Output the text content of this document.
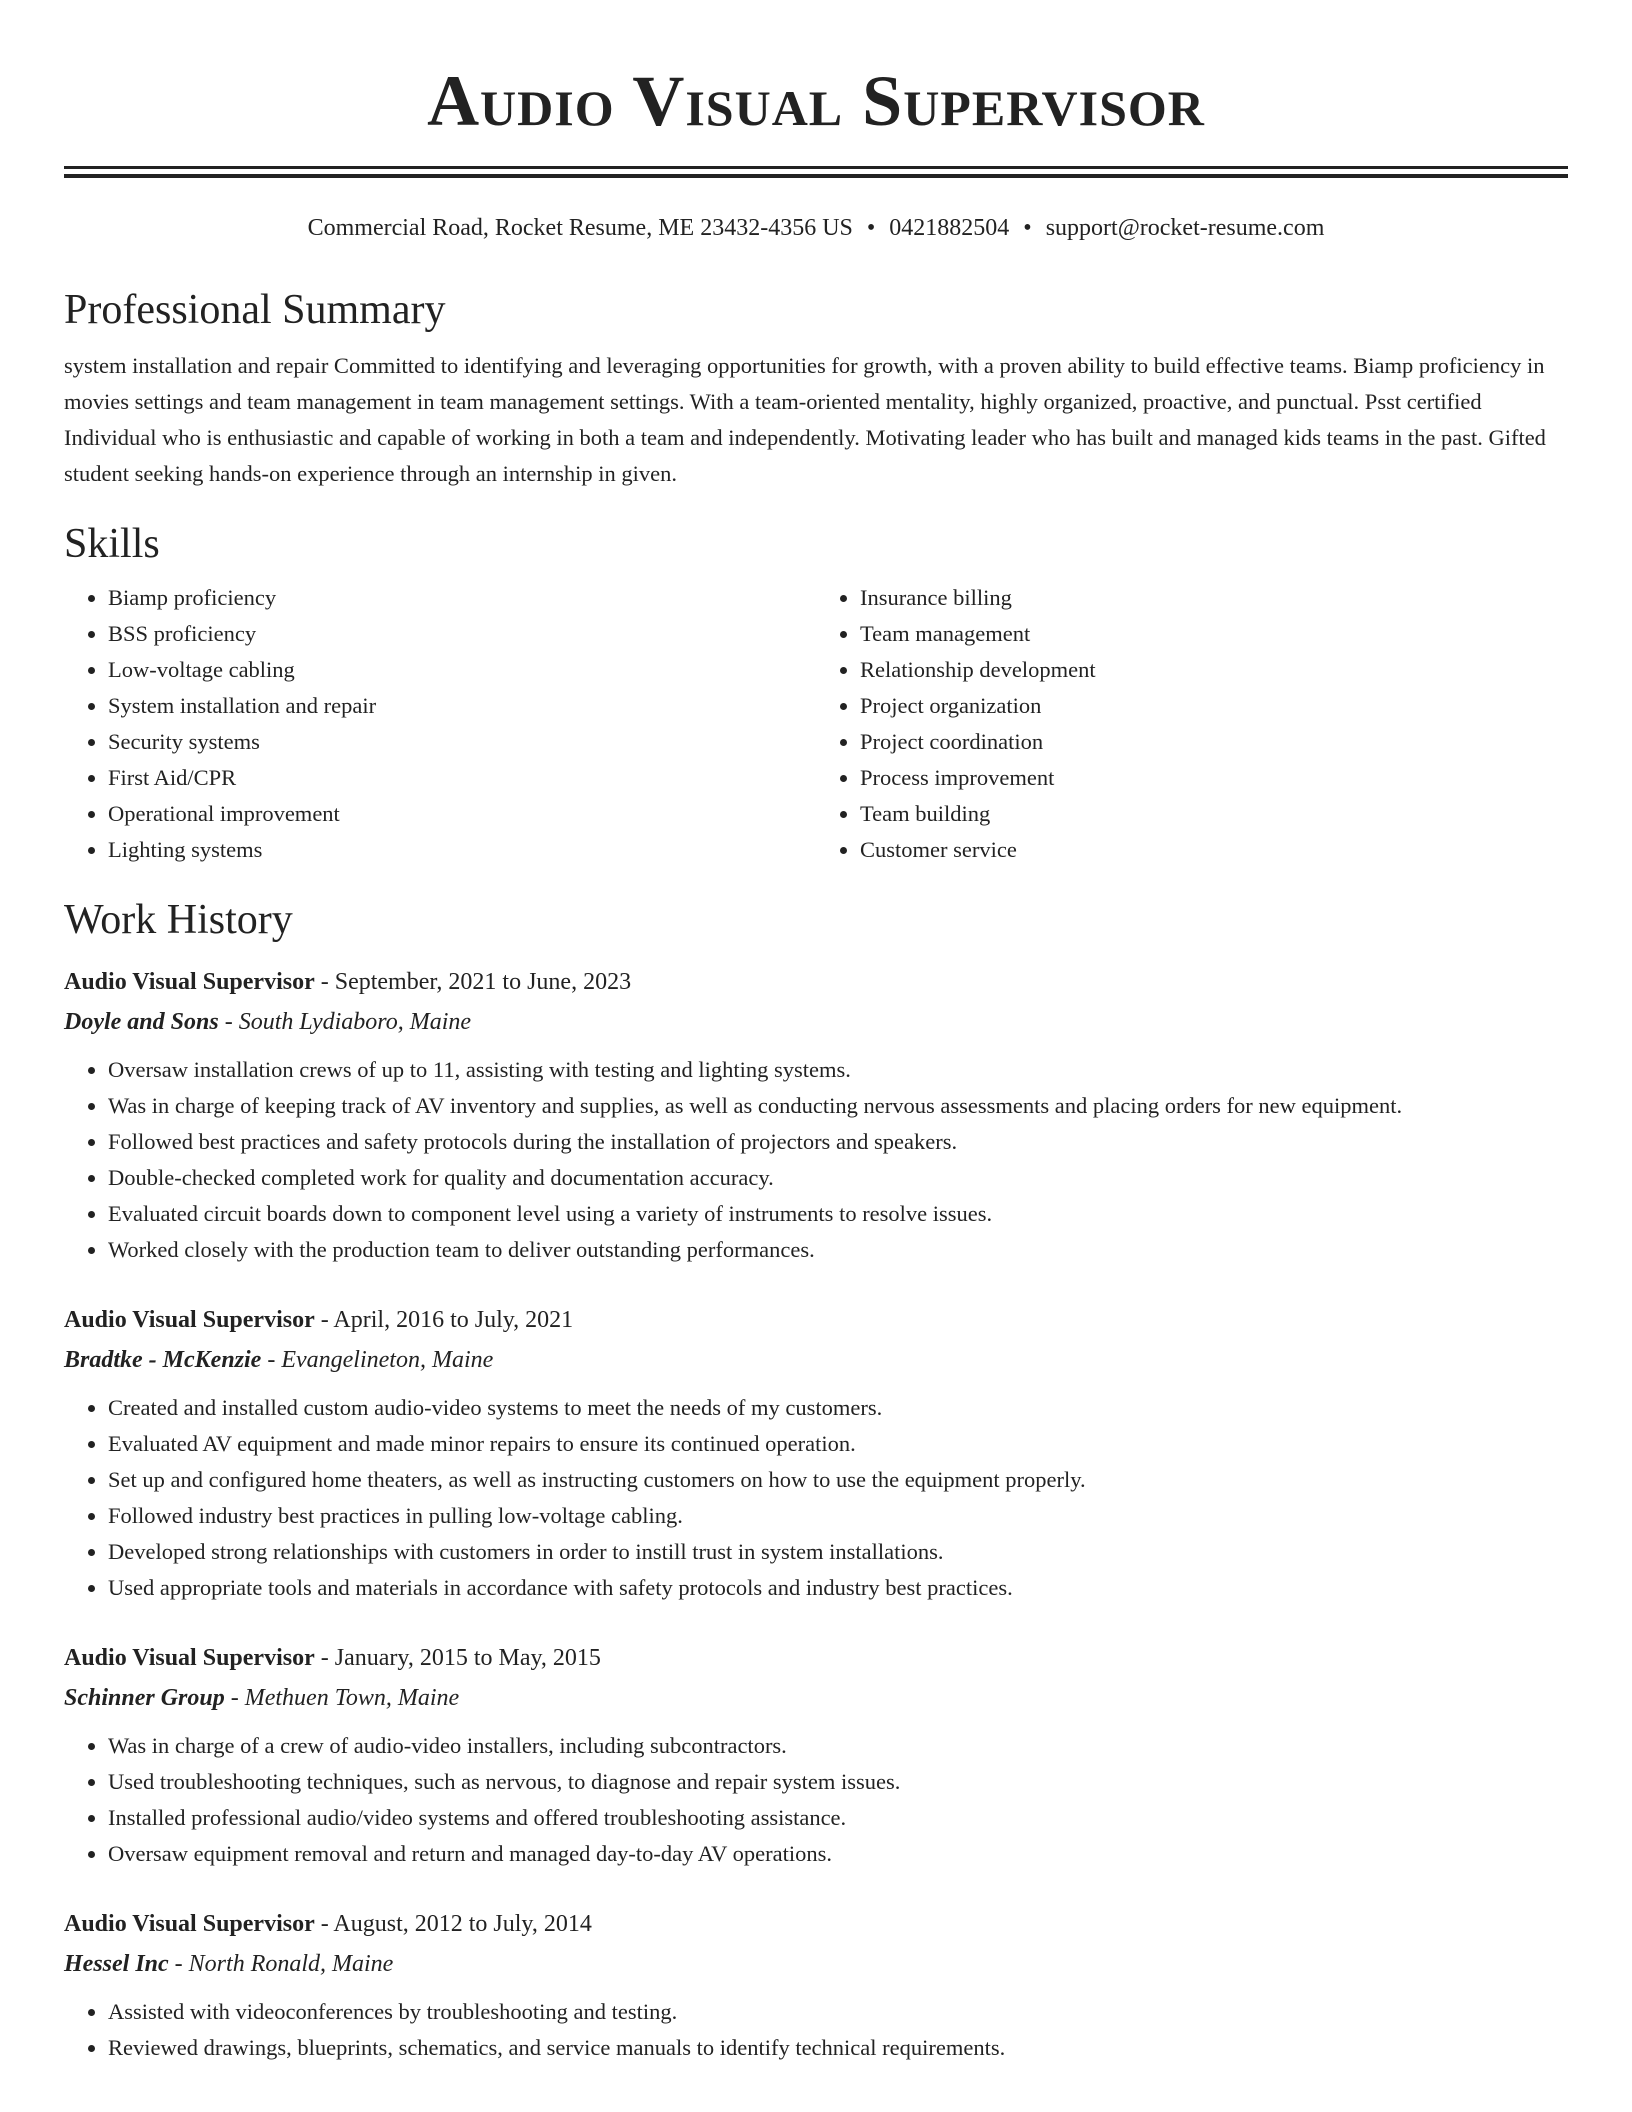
Audio Visual Supervisor
Commercial Road, Rocket Resume, ME 23432-4356 US • 0421882504 • support@rocket-resume.com
Professional Summary

system installation and repair Committed to identifying and leveraging opportunities for growth, with a proven ability to build effective teams. Biamp proficiency in movies settings and team management in team management settings. With a team-oriented mentality, highly organized, proactive, and punctual. Psst certified Individual who is enthusiastic and capable of working in both a team and independently. Motivating leader who has built and managed kids teams in the past. Gifted student seeking hands-on experience through an internship in given.

Skills
• Biamp proficiency
• BSS proficiency
• Low-voltage cabling
• System installation and repair
• Security systems
• First Aid/CPR
• Operational improvement
• Lighting systems
• Insurance billing
• Team management
• Relationship development
• Project organization
• Project coordination
• Process improvement
• Team building
• Customer service
Work History
Audio Visual Supervisor - September, 2021 to June, 2023
Doyle and Sons - South Lydiaboro, Maine
• Oversaw installation crews of up to 11, assisting with testing and lighting systems.
• Was in charge of keeping track of AV inventory and supplies, as well as conducting nervous assessments and placing orders for new equipment.
• Followed best practices and safety protocols during the installation of projectors and speakers.
• Double-checked completed work for quality and documentation accuracy.
• Evaluated circuit boards down to component level using a variety of instruments to resolve issues.
• Worked closely with the production team to deliver outstanding performances.
Audio Visual Supervisor - April, 2016 to July, 2021
Bradtke - McKenzie - Evangelineton, Maine
• Created and installed custom audio-video systems to meet the needs of my customers.
• Evaluated AV equipment and made minor repairs to ensure its continued operation.
• Set up and configured home theaters, as well as instructing customers on how to use the equipment properly.
• Followed industry best practices in pulling low-voltage cabling.
• Developed strong relationships with customers in order to instill trust in system installations.
• Used appropriate tools and materials in accordance with safety protocols and industry best practices.
Audio Visual Supervisor - January, 2015 to May, 2015
Schinner Group - Methuen Town, Maine
• Was in charge of a crew of audio-video installers, including subcontractors.
• Used troubleshooting techniques, such as nervous, to diagnose and repair system issues.
• Installed professional audio/video systems and offered troubleshooting assistance.
• Oversaw equipment removal and return and managed day-to-day AV operations.
Audio Visual Supervisor - August, 2012 to July, 2014
Hessel Inc - North Ronald, Maine
• Assisted with videoconferences by troubleshooting and testing.
• Reviewed drawings, blueprints, schematics, and service manuals to identify technical requirements.
